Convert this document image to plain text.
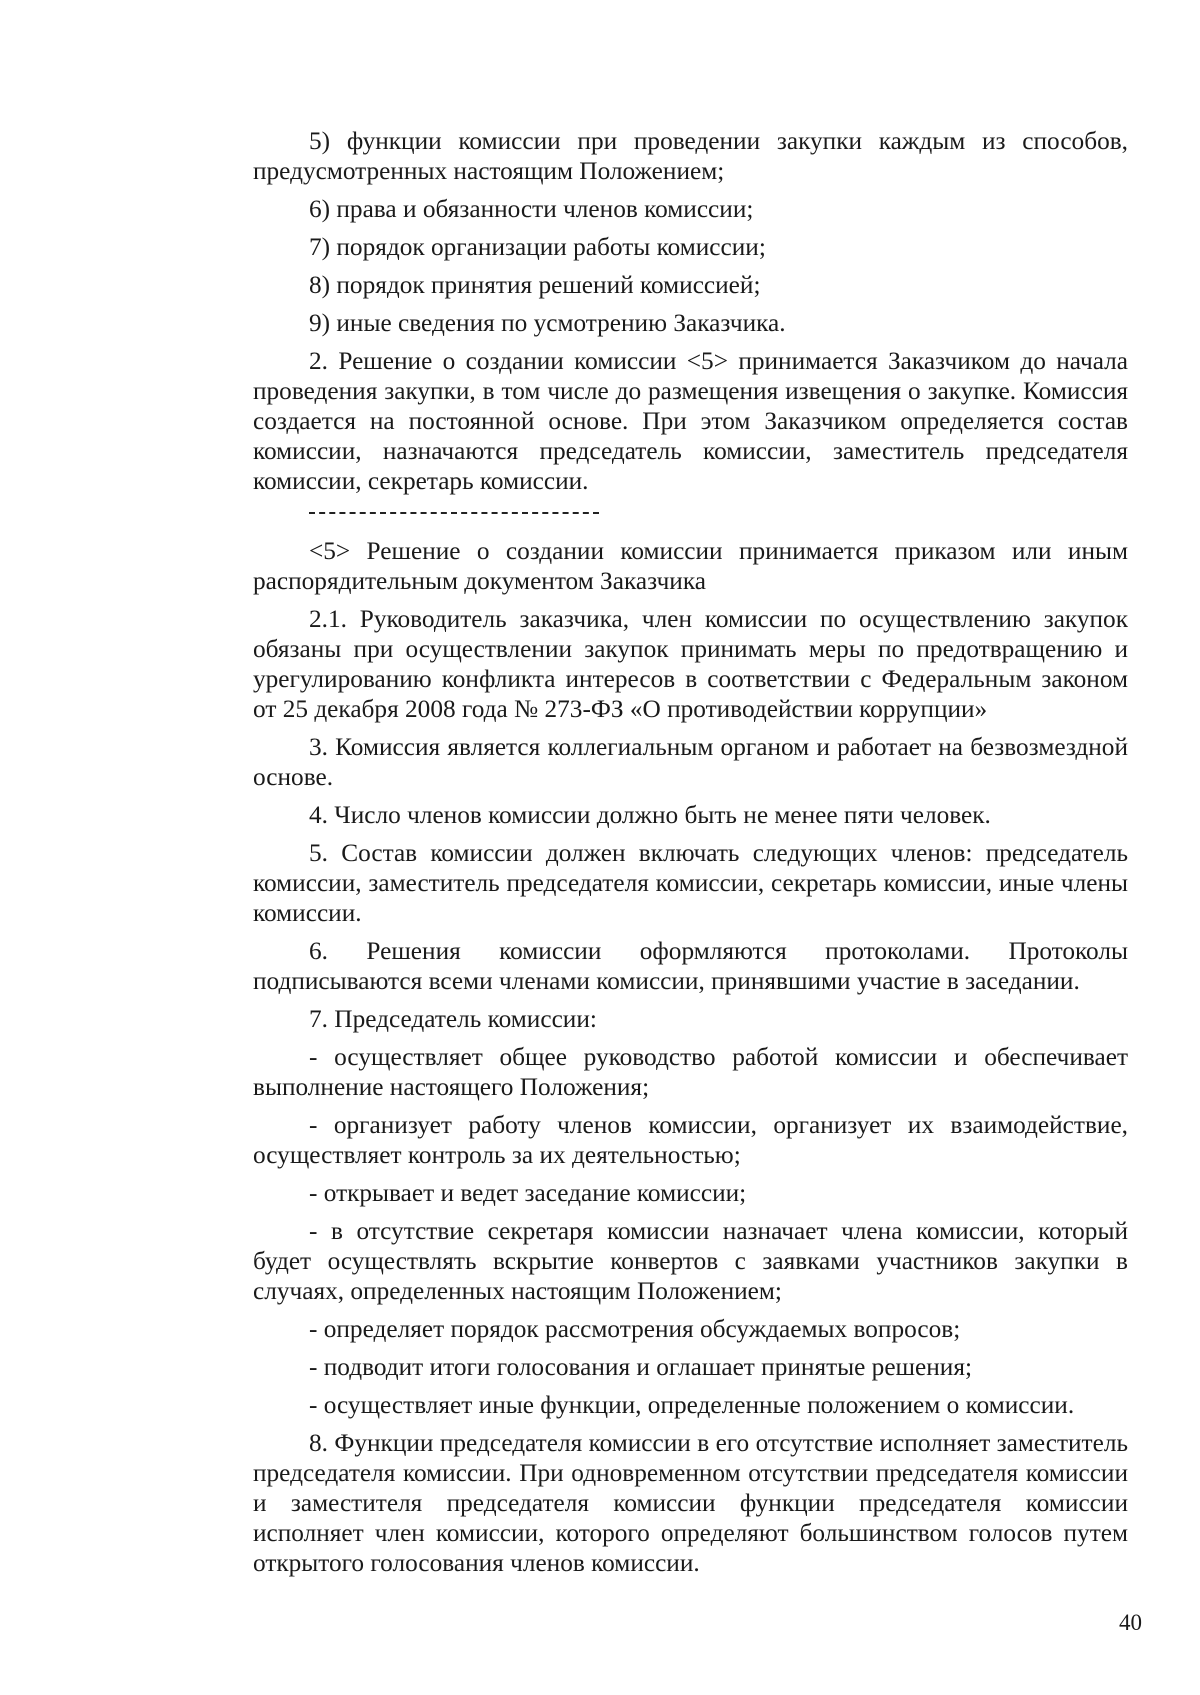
5) функции комиссии при проведении закупки каждым из способов, предусмотренных настоящим Положением;

6) права и обязанности членов комиссии;

7) порядок организации работы комиссии;

8) порядок принятия решений комиссией;

9) иные сведения по усмотрению Заказчика.

2. Решение о создании комиссии <5> принимается Заказчиком до начала проведения закупки, в том числе до размещения извещения о закупке. Комиссия создается на постоянной основе. При этом Заказчиком определяется состав комиссии, назначаются председатель комиссии, заместитель председателя комиссии, секретарь комиссии.

<5> Решение о создании комиссии принимается приказом или иным распорядительным документом Заказчика

2.1. Руководитель заказчика, член комиссии по осуществлению закупок обязаны при осуществлении закупок принимать меры по предотвращению и урегулированию конфликта интересов в соответствии с Федеральным законом от 25 декабря 2008 года № 273-ФЗ «О противодействии коррупции»

3. Комиссия является коллегиальным органом и работает на безвозмездной основе.

4. Число членов комиссии должно быть не менее пяти человек.

5. Состав комиссии должен включать следующих членов: председатель комиссии, заместитель председателя комиссии, секретарь комиссии, иные члены комиссии.

6. Решения комиссии оформляются протоколами. Протоколы подписываются всеми членами комиссии, принявшими участие в заседании.

7. Председатель комиссии:

- осуществляет общее руководство работой комиссии и обеспечивает выполнение настоящего Положения;

- организует работу членов комиссии, организует их взаимодействие, осуществляет контроль за их деятельностью;

- открывает и ведет заседание комиссии;

- в отсутствие секретаря комиссии назначает члена комиссии, который будет осуществлять вскрытие конвертов с заявками участников закупки в случаях, определенных настоящим Положением;

- определяет порядок рассмотрения обсуждаемых вопросов;

- подводит итоги голосования и оглашает принятые решения;

- осуществляет иные функции, определенные положением о комиссии.

8. Функции председателя комиссии в его отсутствие исполняет заместитель председателя комиссии. При одновременном отсутствии председателя комиссии и заместителя председателя комиссии функции председателя комиссии исполняет член комиссии, которого определяют большинством голосов путем открытого голосования членов комиссии.

40
